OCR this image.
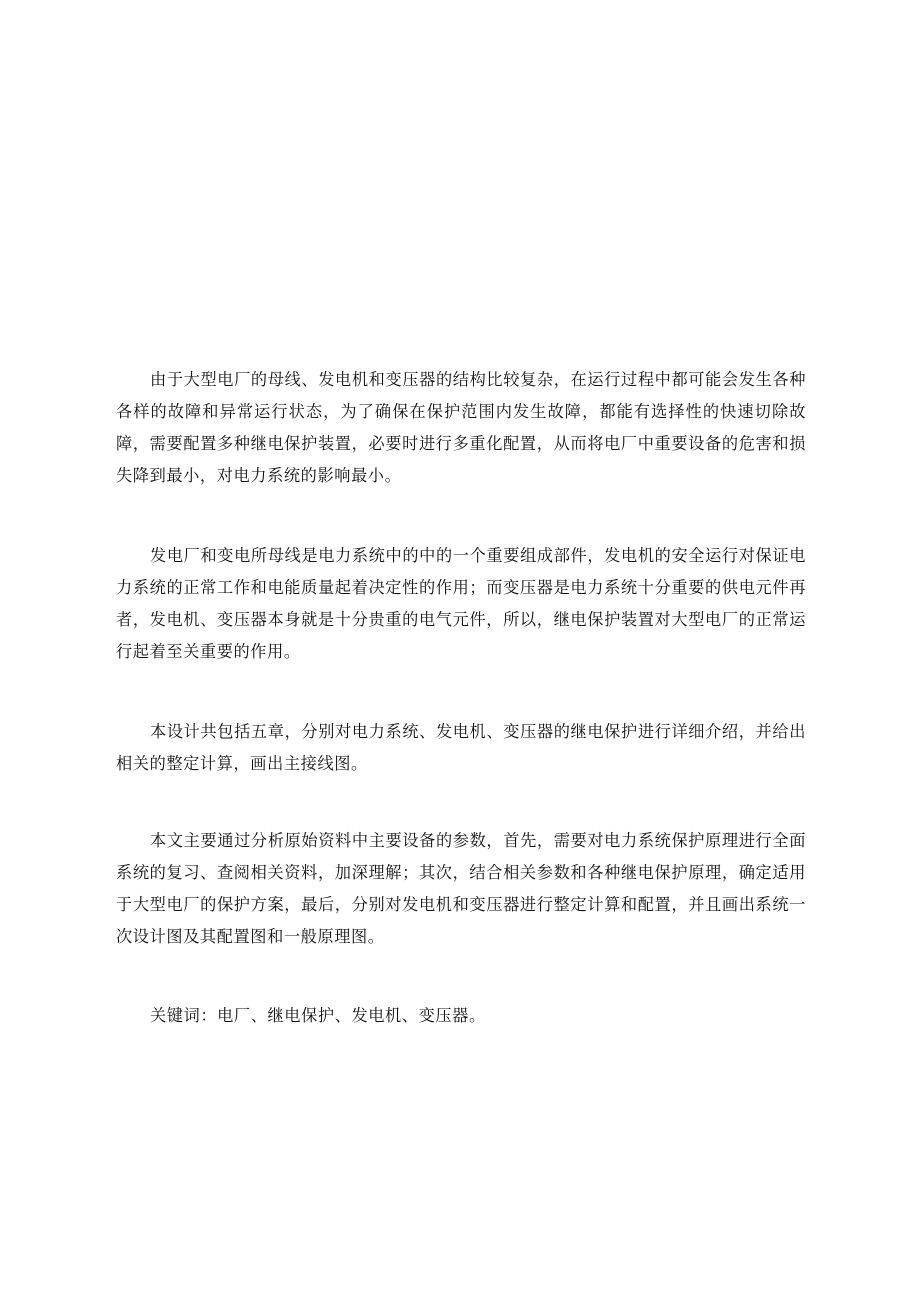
由于大型电厂的母线、发电机和变压器的结构比较复杂，在运行过程中都可能会发生各种各样的故障和异常运行状态，为了确保在保护范围内发生故障，都能有选择性的快速切除故障，需要配置多种继电保护装置，必要时进行多重化配置，从而将电厂中重要设备的危害和损失降到最小，对电力系统的影响最小。

发电厂和变电所母线是电力系统中的中的一个重要组成部件，发电机的安全运行对保证电力系统的正常工作和电能质量起着决定性的作用；而变压器是电力系统十分重要的供电元件再者，发电机、变压器本身就是十分贵重的电气元件，所以，继电保护装置对大型电厂的正常运行起着至关重要的作用。

本设计共包括五章，分别对电力系统、发电机、变压器的继电保护进行详细介绍，并给出相关的整定计算，画出主接线图。

本文主要通过分析原始资料中主要设备的参数，首先，需要对电力系统保护原理进行全面系统的复习、查阅相关资料，加深理解；其次，结合相关参数和各种继电保护原理，确定适用于大型电厂的保护方案，最后，分别对发电机和变压器进行整定计算和配置，并且画出系统一次设计图及其配置图和一般原理图。

关键词：电厂、继电保护、发电机、变压器。
